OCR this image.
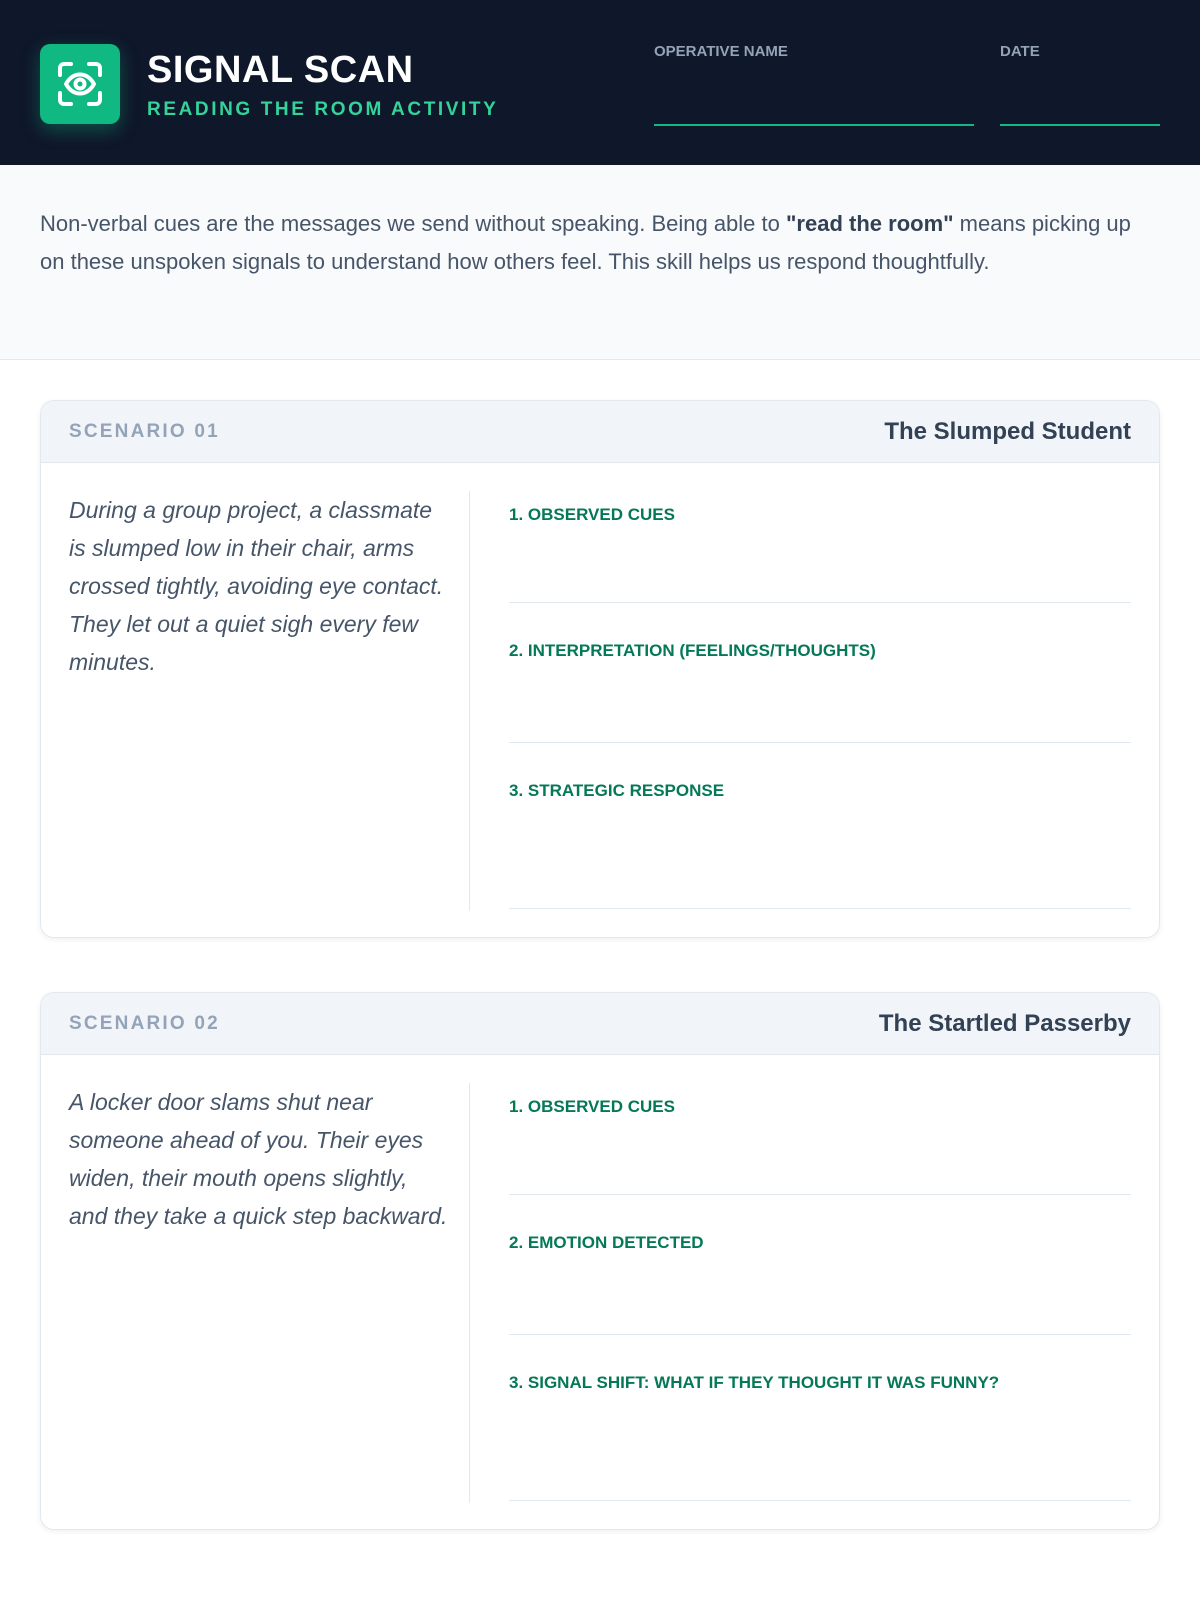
SIGNAL SCAN
READING THE ROOM ACTIVITY
OPERATIVE NAME	DATE
Non-verbal cues are the messages we send without speaking. Being able to "read the room" means picking up on these unspoken signals to understand how others feel. This skill helps us respond thoughtfully.
SCENARIO 01	The Slumped Student
During a group project, a classmate is slumped low in their chair, arms crossed tightly, avoiding eye contact. They let out a quiet sigh every few minutes.
1. OBSERVED CUES
2. INTERPRETATION (FEELINGS/THOUGHTS)
3. STRATEGIC RESPONSE
SCENARIO 02	The Startled Passerby
A locker door slams shut near someone ahead of you. Their eyes widen, their mouth opens slightly, and they take a quick step backward.
1. OBSERVED CUES
2. EMOTION DETECTED
3. SIGNAL SHIFT: WHAT IF THEY THOUGHT IT WAS FUNNY?
